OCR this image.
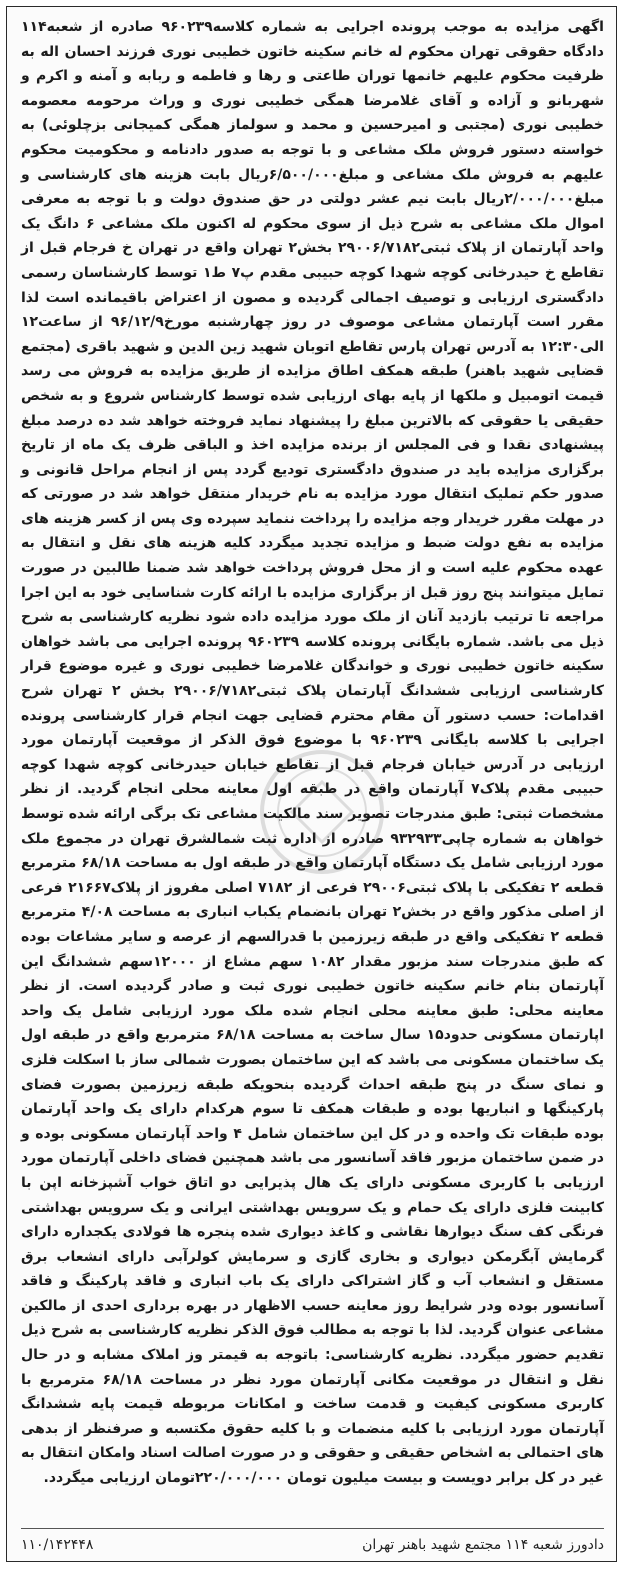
اگهی مزایده به موجب پرونده اجرایی به شماره کلاسه۹۶۰۲۳۹ صادره از شعبه۱۱۴ دادگاه حقوقی تهران محکوم له خانم سکینه خاتون خطیبی نوری فرزند احسان اله به ظرفیت محکوم علیهم خانمها توران طاعتی و رها و فاطمه و ربابه و آمنه و اکرم و شهربانو و آزاده و آقای غلامرضا همگی خطیبی نوری و وراث مرحومه معصومه خطیبی نوری (مجتبی و امیرحسین و محمد و سولماز همگی کمیجانی بزچلوئی) به خواسته دستور فروش ملک مشاعی و با توجه به صدور دادنامه و محکومیت محکوم علیهم به فروش ملک مشاعی و مبلغ۶/۵۰۰/۰۰۰ریال بابت هزینه های کارشناسی و مبلغ۲/۰۰۰/۰۰۰ریال بابت نیم عشر دولتی در حق صندوق دولت و با توجه به معرفی اموال ملک مشاعی به شرح ذیل از سوی محکوم له اکنون ملک مشاعی ۶ دانگ یک واحد آپارتمان از پلاک ثبتی۲۹۰۰۶/۷۱۸۲ بخش۲ تهران واقع در تهران خ فرجام قبل از تقاطع خ حیدرخانی کوچه شهدا کوچه حبیبی مقدم پ۷ ط۱ توسط کارشناسان رسمی دادگستری ارزیابی و توصیف اجمالی گردیده و مصون از اعتراض باقیمانده است لذا مقرر است آپارتمان مشاعی موصوف در روز چهارشنبه مورخ۹۶/۱۲/۹ از ساعت۱۲ الی۱۲:۳۰ به آدرس تهران پارس تقاطع اتوبان شهید زین الدین و شهید باقری (مجتمع قضایی شهید باهنر) طبقه همکف اطاق مزایده از طریق مزایده به فروش می رسد قیمت اتومبیل و ملکها از پایه بهای ارزیابی شده توسط کارشناس شروع و به شخص حقیقی یا حقوقی که بالاترین مبلغ را پیشنهاد نماید فروخته خواهد شد ده درصد مبلغ پیشنهادی نقدا و فی المجلس از برنده مزایده اخذ و الباقی ظرف یک ماه از تاریخ برگزاری مزایده باید در صندوق دادگستری تودیع گردد پس از انجام مراحل قانونی و صدور حکم تملیک انتقال مورد مزایده به نام خریدار منتقل خواهد شد در صورتی که در مهلت مقرر خریدار وجه مزایده را پرداخت ننماید سپرده وی پس از کسر هزینه های مزایده به نفع دولت ضبط و مزایده تجدید میگردد کلیه هزینه های نقل و انتقال به عهده محکوم علیه است و از محل فروش پرداخت خواهد شد ضمنا طالبین در صورت تمایل میتوانند پنج روز قبل از برگزاری مزایده با ارائه کارت شناسایی خود به این اجرا مراجعه تا ترتیب بازدید آنان از ملک مورد مزایده داده شود نظریه کارشناسی به شرح ذیل می باشد. شماره بایگانی پرونده کلاسه ۹۶۰۲۳۹ پرونده اجرایی می باشد خواهان سکینه خاتون خطیبی نوری و خواندگان غلامرضا خطیبی نوری و غیره موضوع قرار کارشناسی ارزیابی ششدانگ آپارتمان پلاک ثبتی۲۹۰۰۶/۷۱۸۲ بخش ۲ تهران شرح اقدامات: حسب دستور آن مقام محترم قضایی جهت انجام قرار کارشناسی پرونده اجرایی با کلاسه بایگانی ۹۶۰۲۳۹ با موضوع فوق الذکر از موقعیت آپارتمان مورد ارزیابی در آدرس خیابان فرجام قبل از تقاطع خیابان حیدرخانی کوچه شهدا کوچه حبیبی مقدم پلاک۷ آپارتمان واقع در طبقه اول معاینه محلی انجام گردید. از نظر مشخصات ثبتی: طبق مندرجات تصویر سند مالکیت مشاعی تک برگی ارائه شده توسط خواهان به شماره چاپی۹۳۲۹۳۳ صادره از اداره ثبت شمالشرق تهران در مجموع ملک مورد ارزیابی شامل یک دستگاه آپارتمان واقع در طبقه اول به مساحت ۶۸/۱۸ مترمربع قطعه ۲ تفکیکی با پلاک ثبتی۲۹۰۰۶ فرعی از ۷۱۸۲ اصلی مفروز از پلاک۲۱۶۶۷ فرعی از اصلی مذکور واقع در بخش۲ تهران بانضمام یکباب انباری به مساحت ۴/۰۸ مترمربع قطعه ۲ تفکیکی واقع در طبقه زیرزمین با قدرالسهم از عرصه و سایر مشاعات بوده که طبق مندرجات سند مزبور مقدار ۱۰۸۲ سهم مشاع از ۱۲۰۰۰سهم ششدانگ این آپارتمان بنام خانم سکینه خاتون خطیبی نوری ثبت و صادر گردیده است. از نظر معاینه محلی: طبق معاینه محلی انجام شده ملک مورد ارزیابی شامل یک واحد اپارتمان مسکونی حدود۱۵ سال ساخت به مساحت ۶۸/۱۸ مترمربع واقع در طبقه اول یک ساختمان مسکونی می باشد که این ساختمان بصورت شمالی ساز با اسکلت فلزی و نمای سنگ در پنج طبقه احداث گردیده بنحویکه طبقه زیرزمین بصورت فضای پارکینگها و انباریها بوده و طبقات همکف تا سوم هرکدام دارای یک واحد آپارتمان بوده طبقات تک واحده و در کل این ساختمان شامل ۴ واحد آپارتمان مسکونی بوده و در ضمن ساختمان مزبور فاقد آسانسور می باشد همچنین فضای داخلی آپارتمان مورد ارزیابی با کاربری مسکونی دارای یک هال پذیرایی دو اتاق خواب آشپزخانه اپن با کابینت فلزی دارای یک حمام و یک سرویس بهداشتی ایرانی و یک سرویس بهداشتی فرنگی کف سنگ دیوارها نقاشی و کاغذ دیواری شده پنجره ها فولادی یکجداره دارای گرمایش آبگرمکن دیواری و بخاری گازی و سرمایش کولرآبی دارای انشعاب برق مستقل و انشعاب آب و گاز اشتراکی دارای یک باب انباری و فاقد پارکینگ و فاقد آسانسور بوده ودر شرایط روز معاینه حسب الاظهار در بهره برداری احدی از مالکین مشاعی عنوان گردید. لذا با توجه به مطالب فوق الذکر نظریه کارشناسی به شرح ذیل تقدیم حضور میگردد. نظریه کارشناسی: باتوجه به قیمتر وز املاک مشابه و در حال نقل و انتقال در موقعیت مکانی آپارتمان مورد نظر در مساحت ۶۸/۱۸ مترمربع با کاربری مسکونی کیفیت و قدمت ساخت و امکانات مربوطه قیمت پایه ششدانگ آپارتمان مورد ارزیابی با کلیه منضمات و با کلیه حقوق مکتسبه و صرفنظر از بدهی های احتمالی به اشخاص حقیقی و حقوقی و در صورت اصالت اسناد وامکان انتقال به غیر در کل برابر دویست و بیست میلیون تومان ۲۲۰/۰۰۰/۰۰۰تومان ارزیابی میگردد.

دادورز شعبه ۱۱۴ مجتمع شهید باهنر تهران
۱۱۰/۱۴۲۴۴۸
